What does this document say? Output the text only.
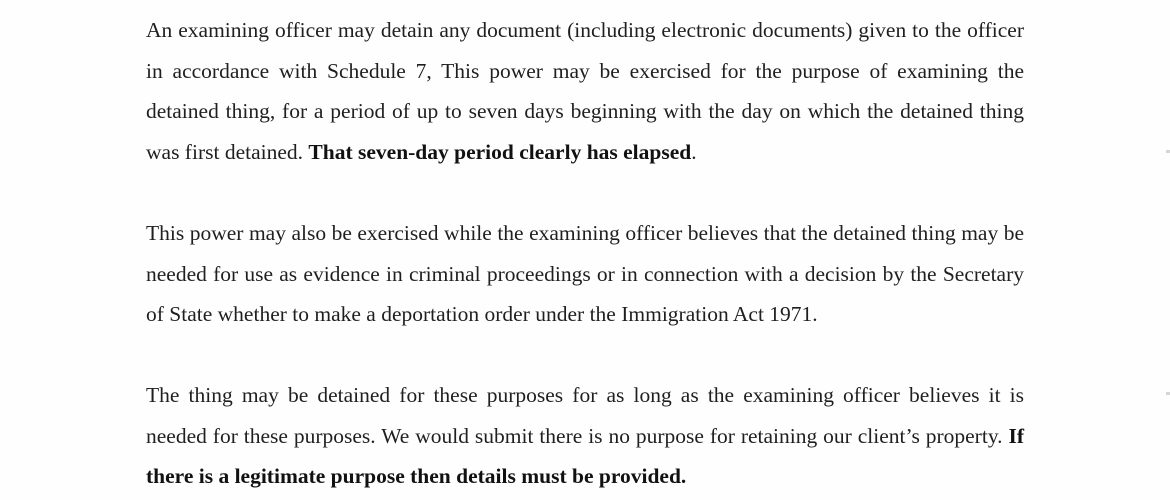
An examining officer may detain any document (including electronic documents) given to the officer in accordance with Schedule 7, This power may be exercised for the purpose of examining the detained thing, for a period of up to seven days beginning with the day on which the detained thing was first detained. That seven-day period clearly has elapsed.

This power may also be exercised while the examining officer believes that the detained thing may be needed for use as evidence in criminal proceedings or in connection with a decision by the Secretary of State whether to make a deportation order under the Immigration Act 1971.

The thing may be detained for these purposes for as long as the examining officer believes it is needed for these purposes. We would submit there is no purpose for retaining our client’s property. If there is a legitimate purpose then details must be provided.
